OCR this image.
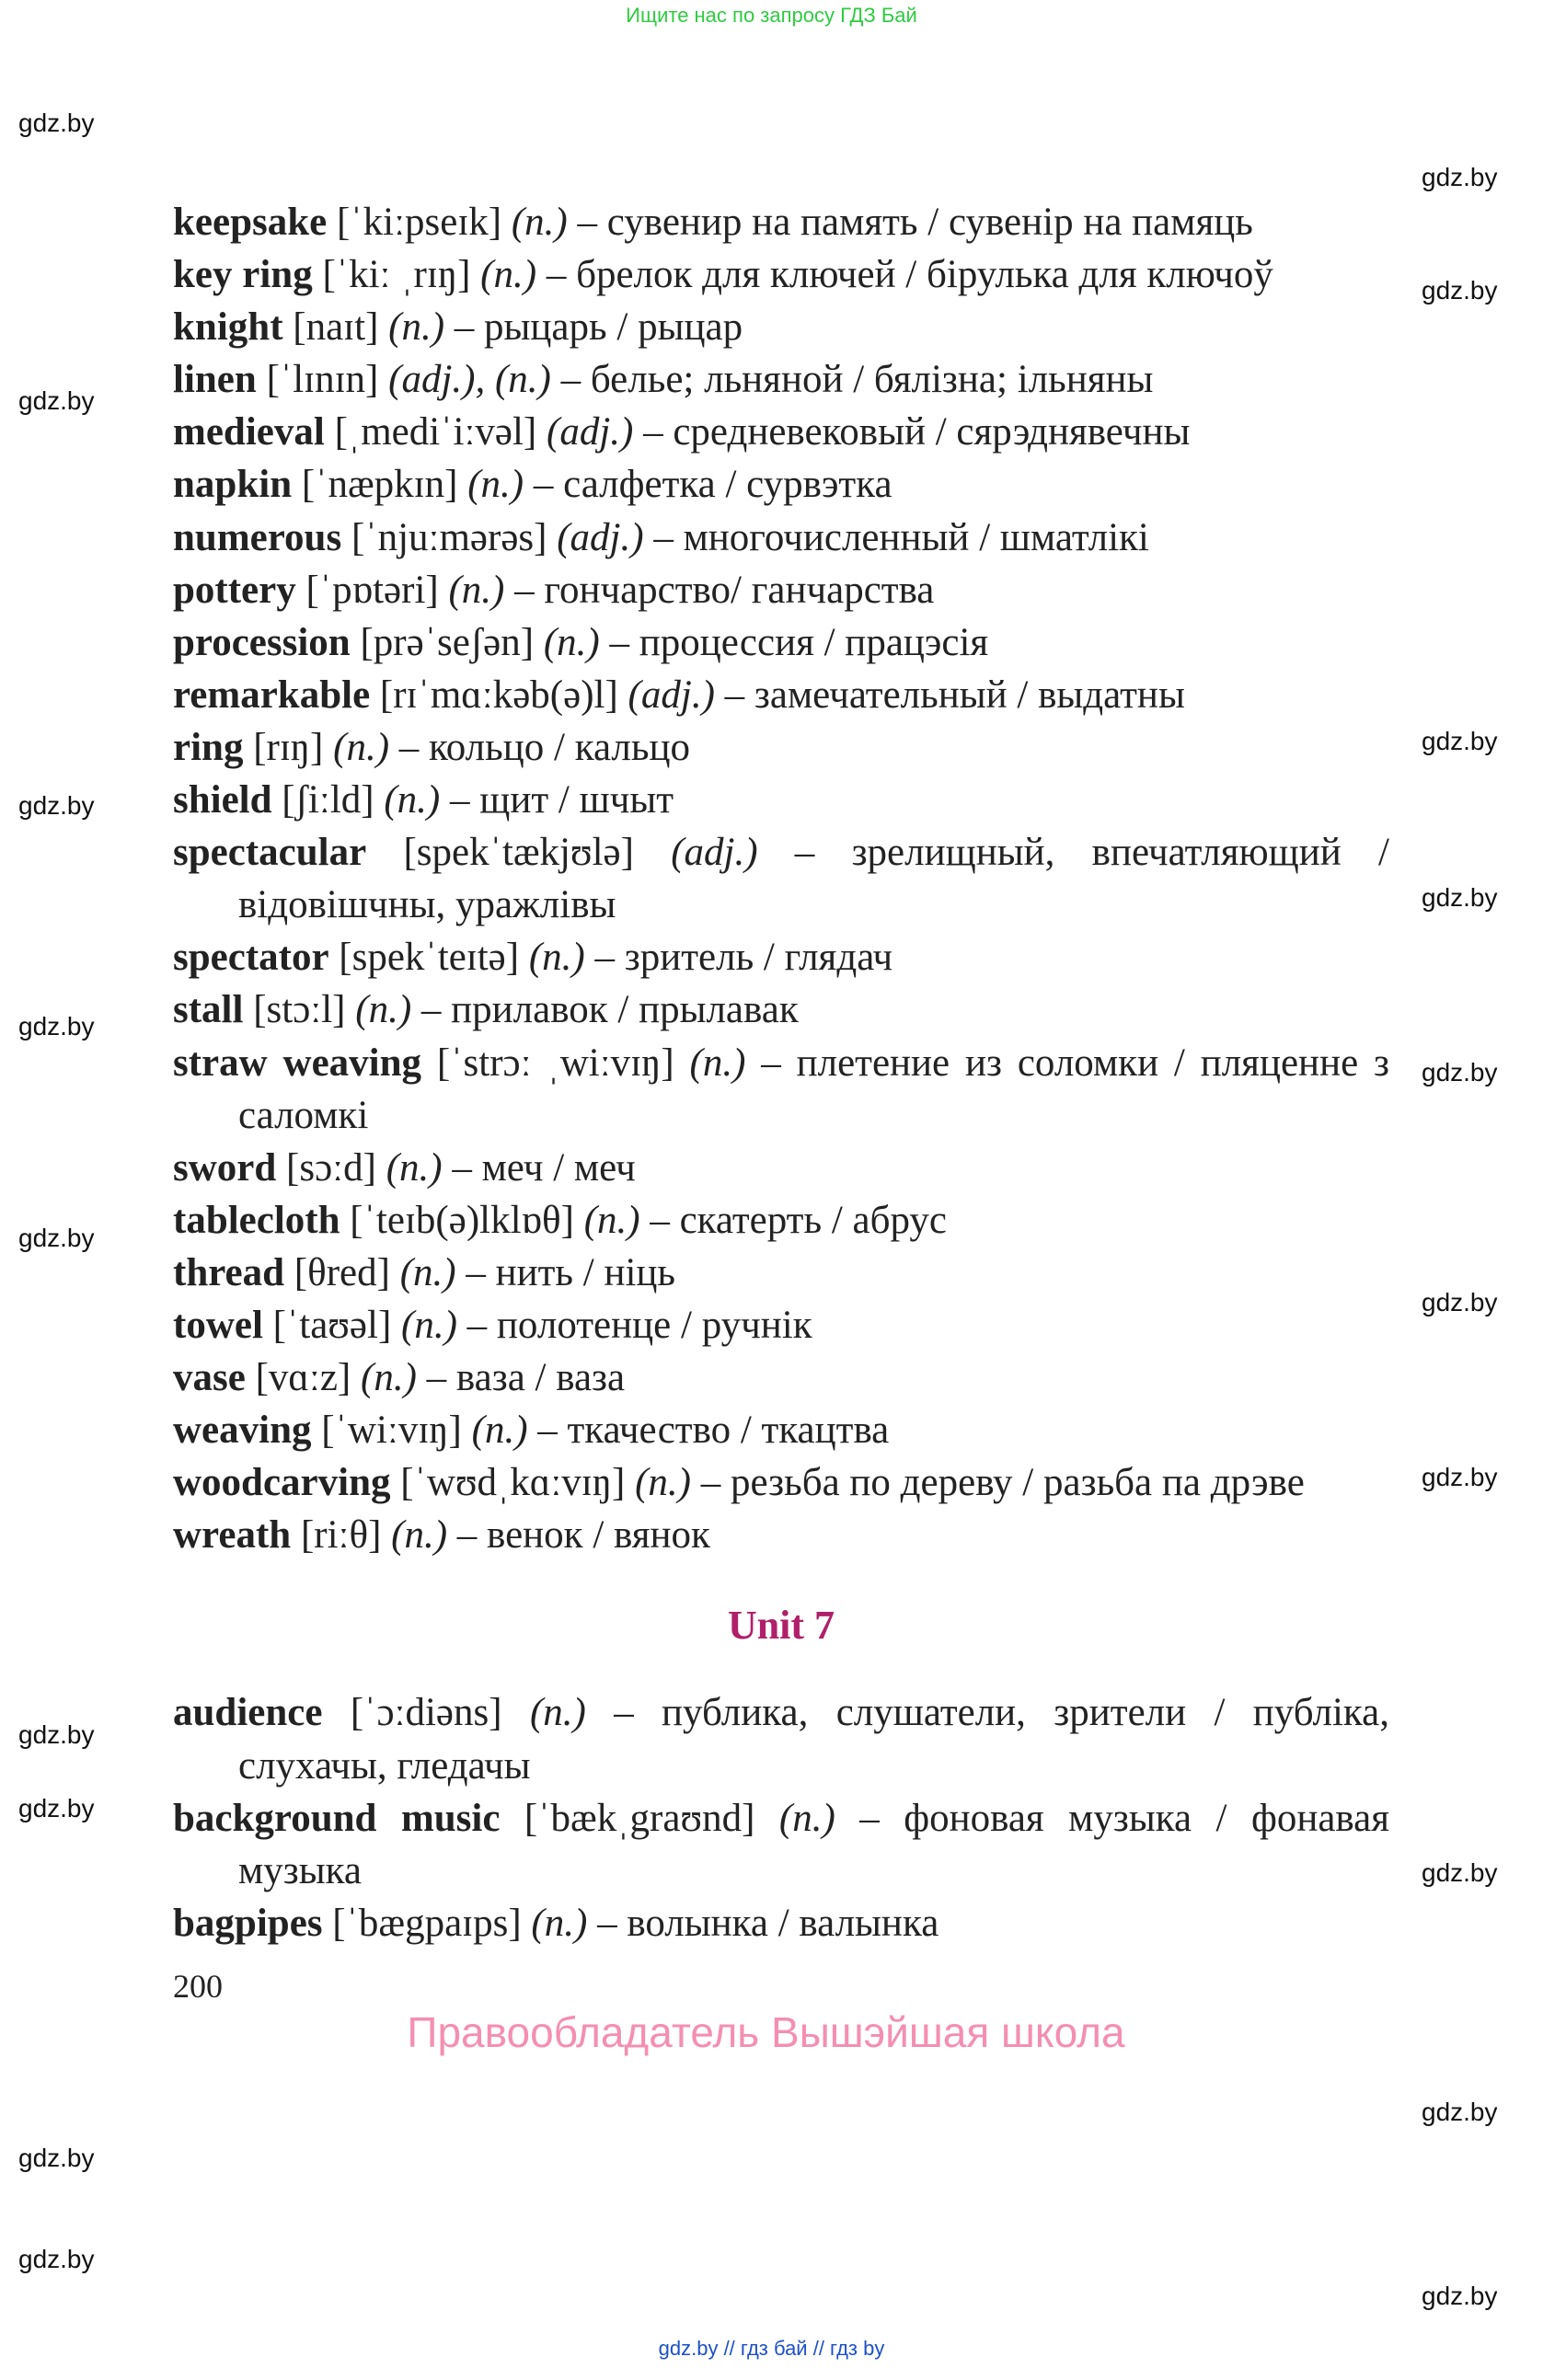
Ищите нас по запросу ГДЗ Бай

keepsake [ˈkiːpseɪk] (n.) – сувенир на память / сувенір на памяць

key ring [ˈkiː ˌrɪŋ] (n.) – брелок для ключей / бірулька для ключоў

knight [naɪt] (n.) – рыцарь / рыцар

linen [ˈlɪnɪn] (adj.), (n.) – белье; льняной / бялізна; ільняны

medieval [ˌmediˈiːvəl] (adj.) – средневековый / сярэднявечны

napkin [ˈnæpkɪn] (n.) – салфетка / сурвэтка

numerous [ˈnjuːmərəs] (adj.) – многочисленный / шматлікі

pottery [ˈpɒtəri] (n.) – гончарство/ ганчарства

procession [prəˈseʃən] (n.) – процессия / працэсія

remarkable [rɪˈmɑːkəb(ə)l] (adj.) – замечательный / выдатны

ring [rɪŋ] (n.) – кольцо / кальцо

shield [ʃiːld] (n.) – щит / шчыт

spectacular [spekˈtækjʊlə] (adj.) – зрелищный, впечатляющий / відовішчны, уражлівы

spectator [spekˈteɪtə] (n.) – зритель / глядач

stall [stɔːl] (n.) – прилавок / прылавак

straw weaving [ˈstrɔː ˌwiːvɪŋ] (n.) – плетение из соломки / пляценне з саломкі

sword [sɔːd] (n.) – меч / меч

tablecloth [ˈteɪb(ə)lklɒθ] (n.) – скатерть / абрус

thread [θred] (n.) – нить / ніць

towel [ˈtaʊəl] (n.) – полотенце / ручнік

vase [vɑːz] (n.) – ваза / ваза

weaving [ˈwiːvɪŋ] (n.) – ткачество / ткацтва

woodcarving [ˈwʊdˌkɑːvɪŋ] (n.) – резьба по дереву / разьба па дрэве

wreath [riːθ] (n.) – венок / вянок

Unit 7

audience [ˈɔːdiəns] (n.) – публика, слушатели, зрители / публіка, слухачы, гледачы

background music [ˈbækˌgraʊnd] (n.) – фоновая музыка / фонавая музыка

bagpipes [ˈbægpaɪps] (n.) – волынка / валынка

200
Правообладатель Вышэйшая школа
gdz.by // гдз бай // гдз by
gdz.by
gdz.by
gdz.by
gdz.by
gdz.by
gdz.by
gdz.by
gdz.by
gdz.by
gdz.by
gdz.by
gdz.by
gdz.by
gdz.by
gdz.by
gdz.by
gdz.by
gdz.by
gdz.by
